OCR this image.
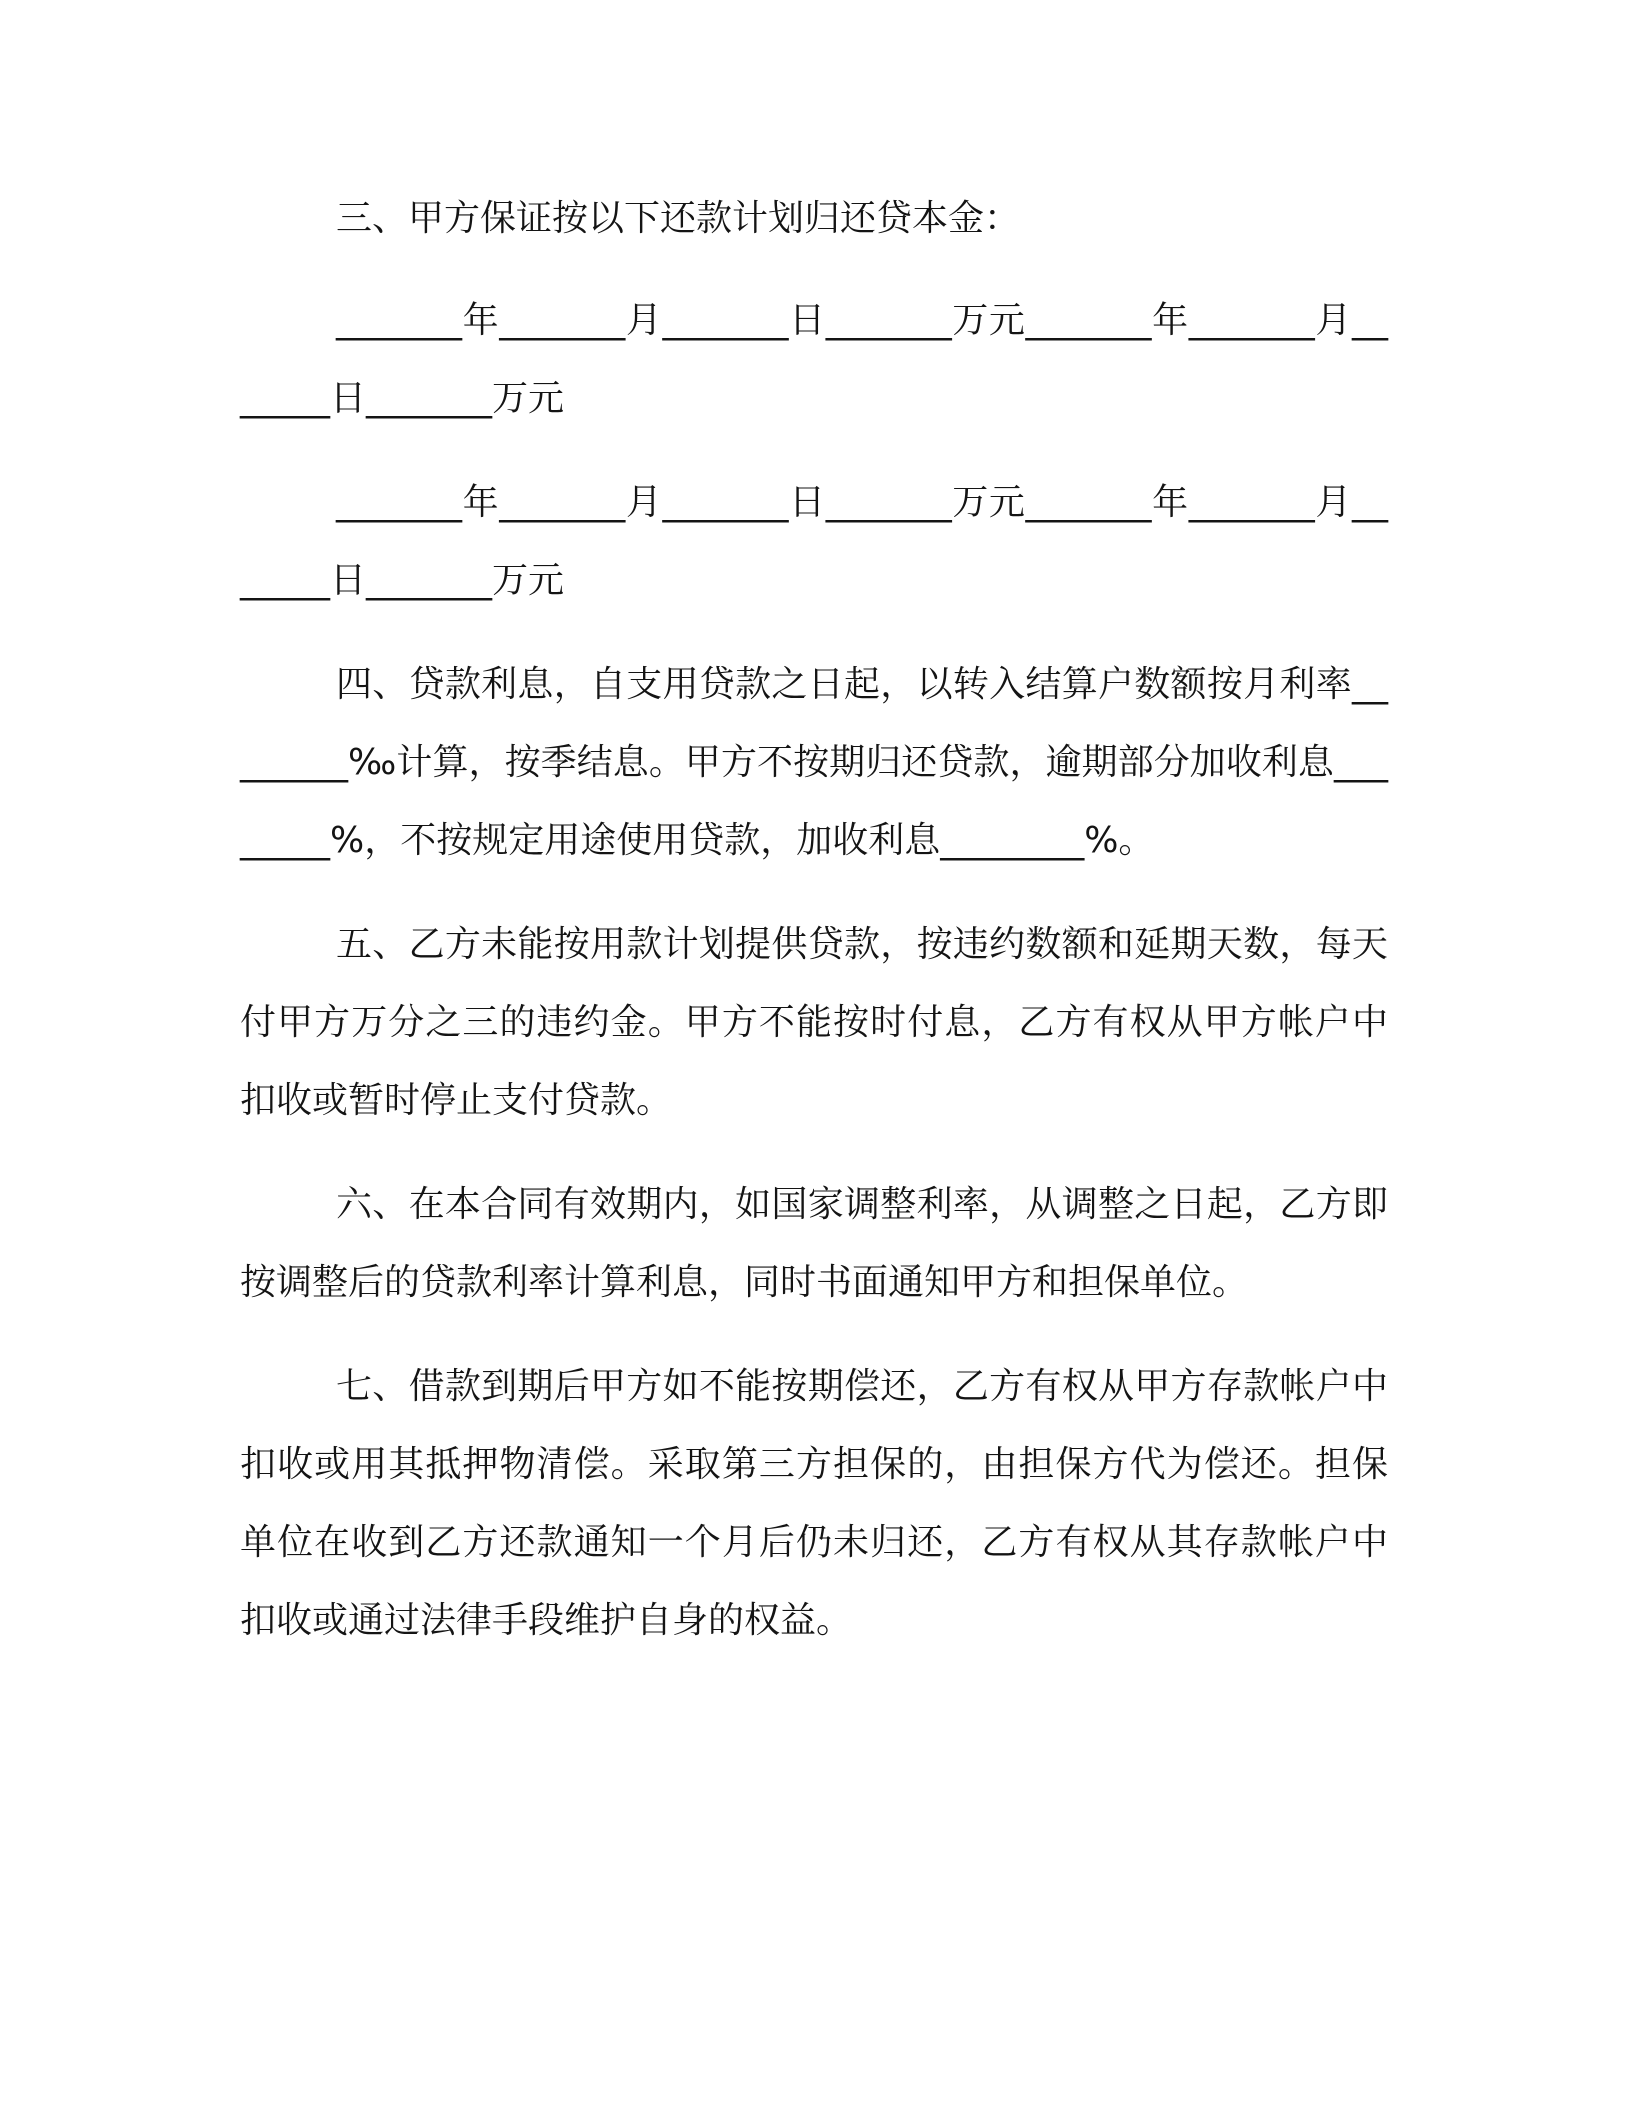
三、甲方保证按以下还款计划归还贷本金：

_______年_______月_______日_______万元_______年_______月_______日_______万元

_______年_______月_______日_______万元_______年_______月_______日_______万元

四、贷款利息，自支用贷款之日起，以转入结算户数额按月利率________‰计算，按季结息。甲方不按期归还贷款，逾期部分加收利息________%，不按规定用途使用贷款，加收利息________%。

五、乙方未能按用款计划提供贷款，按违约数额和延期天数，每天付甲方万分之三的违约金。甲方不能按时付息，乙方有权从甲方帐户中扣收或暂时停止支付贷款。

六、在本合同有效期内，如国家调整利率，从调整之日起，乙方即按调整后的贷款利率计算利息，同时书面通知甲方和担保单位。

七、借款到期后甲方如不能按期偿还，乙方有权从甲方存款帐户中扣收或用其抵押物清偿。采取第三方担保的，由担保方代为偿还。担保单位在收到乙方还款通知一个月后仍未归还，乙方有权从其存款帐户中扣收或通过法律手段维护自身的权益。
